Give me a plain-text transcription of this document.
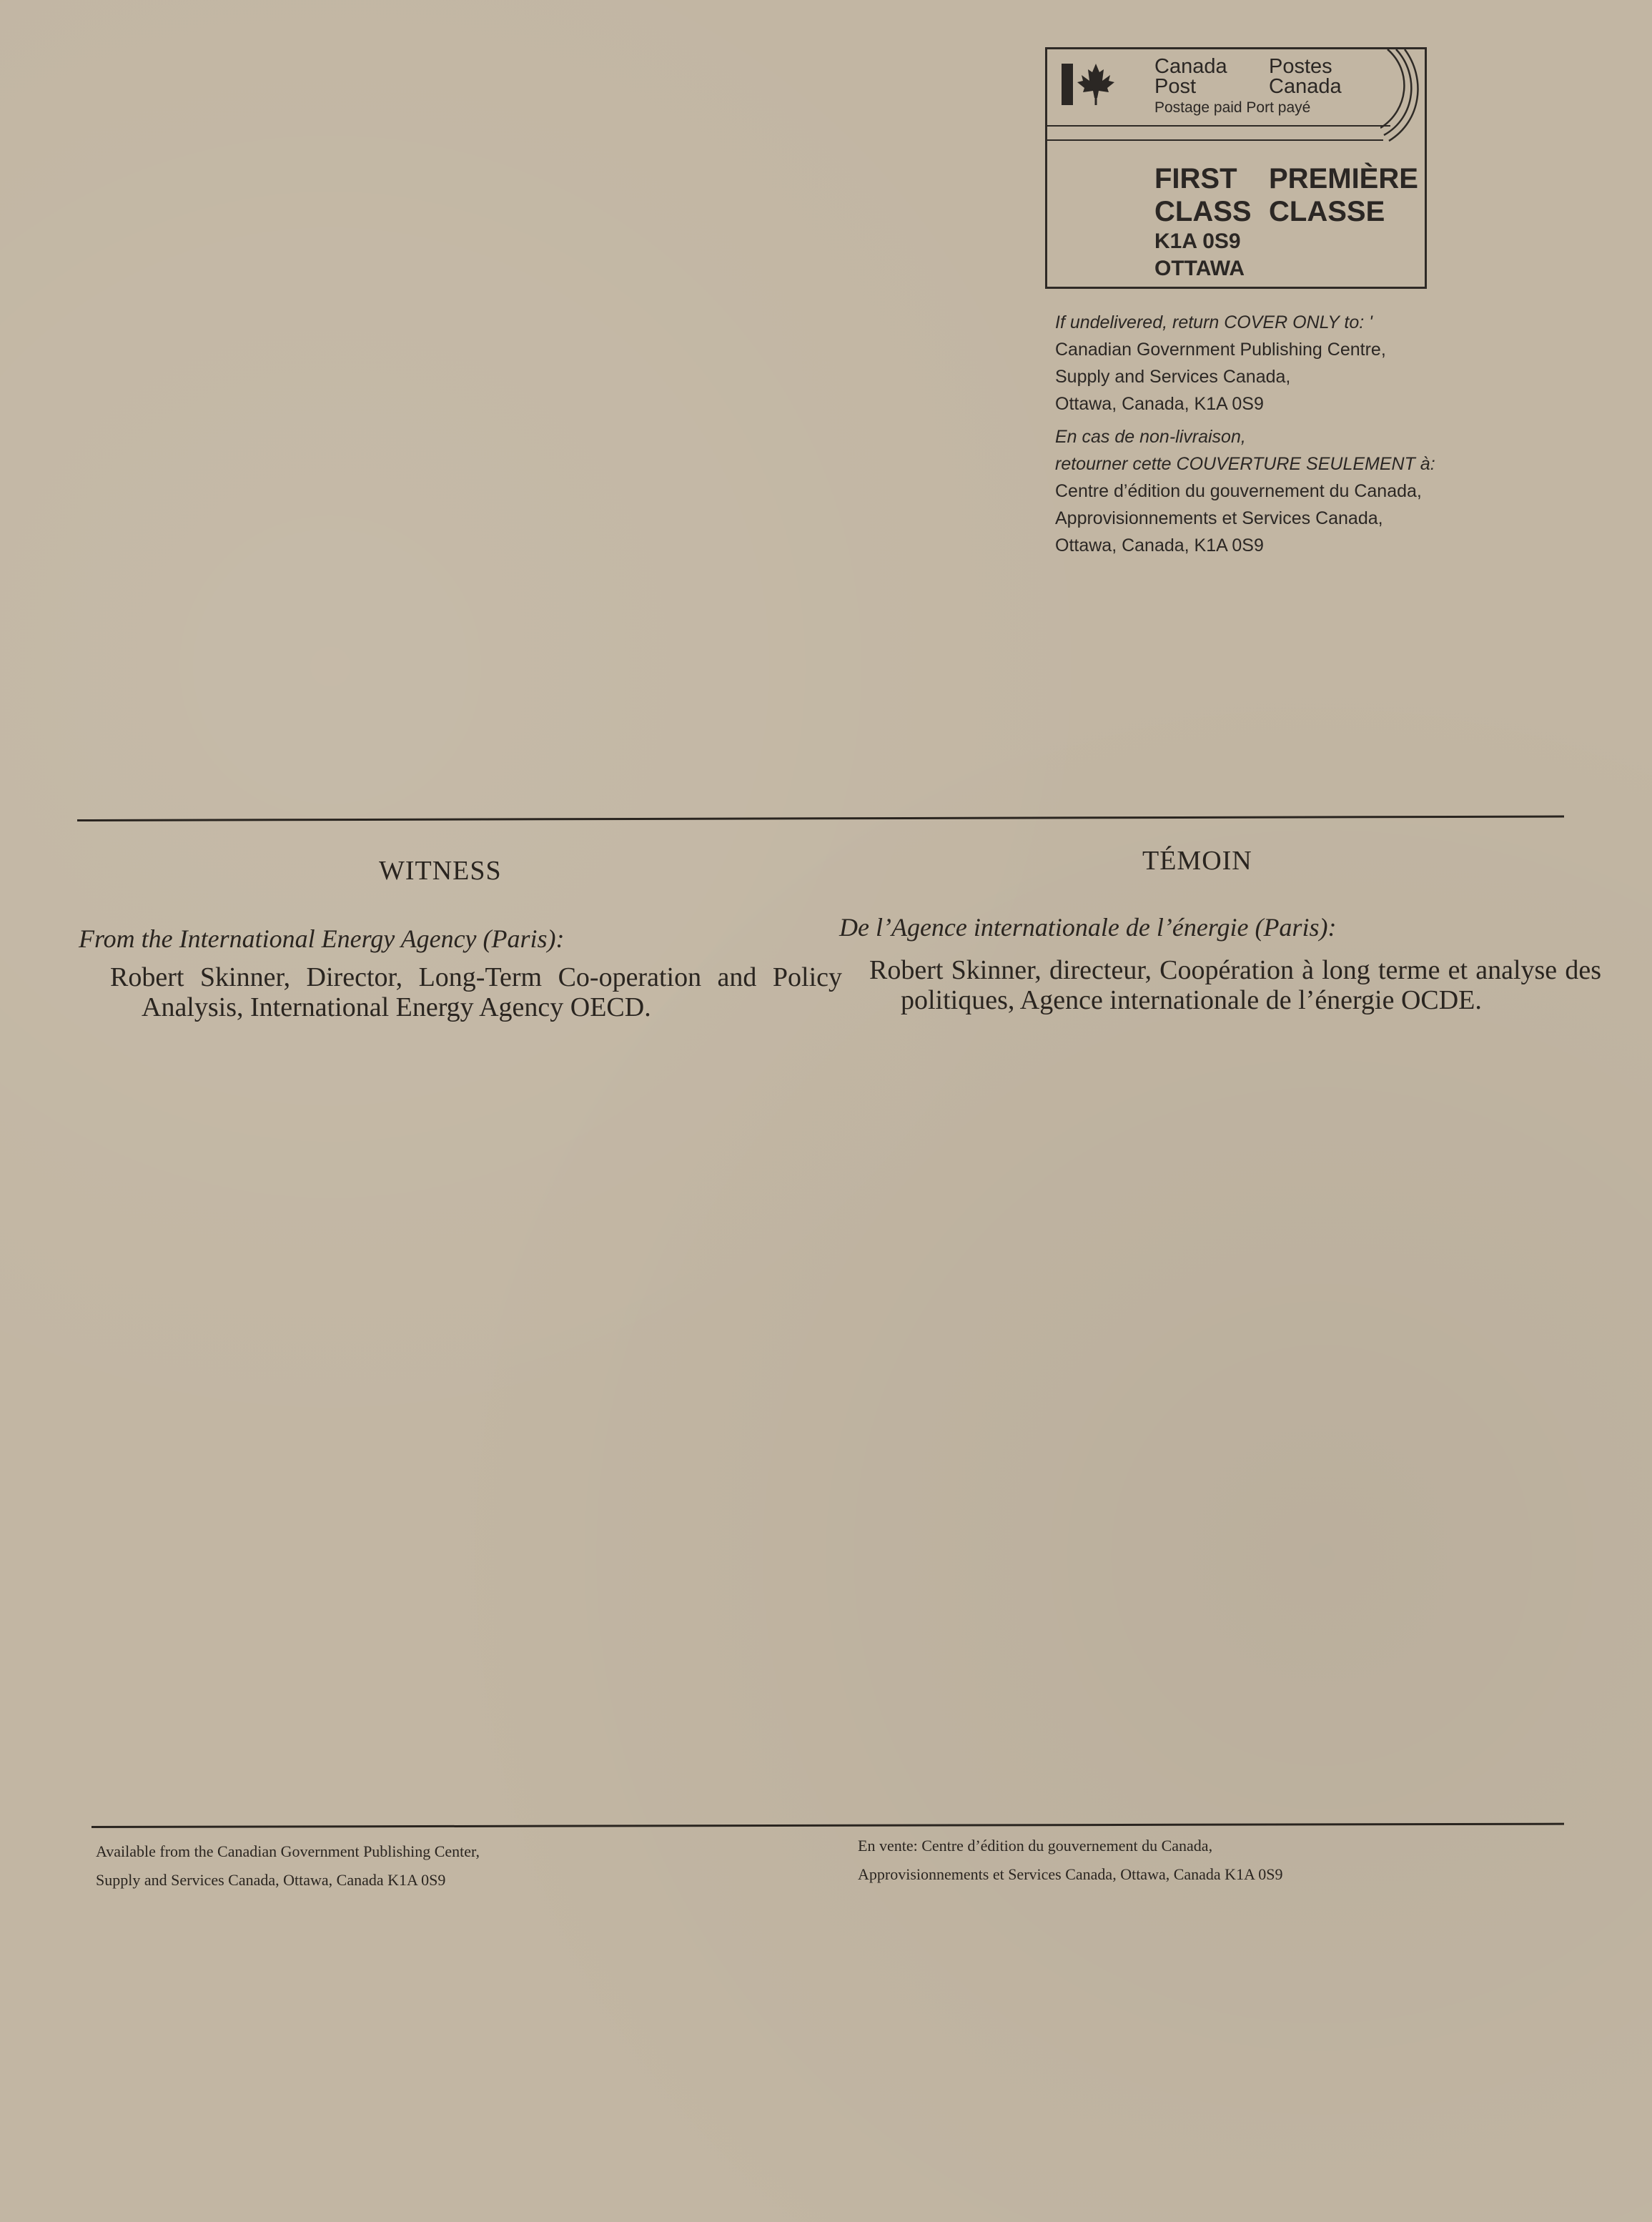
Canada	Postes
Post	Canada
Postage paid Port payé
FIRST	PREMIÈRE
CLASS CLASSE
K1A 0S9
OTTAWA
If undelivered, return COVER ONLY to: '
Canadian Government Publishing Centre,
Supply and Services Canada,
Ottawa, Canada, K1A 0S9
En cas de non-livraison,
retourner cette COUVERTURE SEULEMENT à:
Centre d’édition du gouvernement du Canada,
Approvisionnements et Services Canada,
Ottawa, Canada, K1A 0S9
WITNESS	TÉMOIN
From the International Energy Agency (Paris):	De l’Agence internationale de l’énergie (Paris):
Robert Skinner, Director, Long-Term Co-operation and Policy Analysis, International Energy Agency OECD.
Robert Skinner, directeur, Coopération à long terme et analyse des politiques, Agence internationale de l’énergie OCDE.
Available from the Canadian Government Publishing Center,
Supply and Services Canada, Ottawa, Canada K1A 0S9
En vente: Centre d’édition du gouvernement du Canada,
Approvisionnements et Services Canada, Ottawa, Canada K1A 0S9
